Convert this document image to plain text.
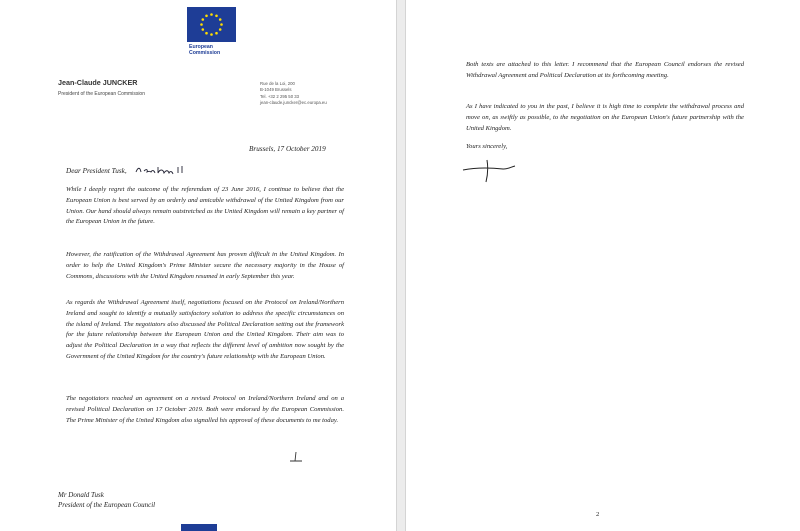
European
Commission
Jean-Claude JUNCKER
President of the European Commission
Rue de la Loi, 200
B-1049 Brussels
Tel. +32 2 295 50 33
jean-claude.juncker@ec.europa.eu
Brussels, 17 October 2019
Dear President Tusk,
While I deeply regret the outcome of the referendum of 23 June 2016, I continue to believe that the European Union is best served by an orderly and amicable withdrawal of the United Kingdom from our Union. Our hand should always remain outstretched as the United Kingdom will remain a key partner of the European Union in the future.
However, the ratification of the Withdrawal Agreement has proven difficult in the United Kingdom. In order to help the United Kingdom's Prime Minister secure the necessary majority in the House of Commons, discussions with the United Kingdom resumed in early September this year.
As regards the Withdrawal Agreement itself, negotiations focused on the Protocol on Ireland/Northern Ireland and sought to identify a mutually satisfactory solution to address the specific circumstances on the island of Ireland. The negotiators also discussed the Political Declaration setting out the framework for the future relationship between the European Union and the United Kingdom. Their aim was to adjust the Political Declaration in a way that reflects the different level of ambition now sought by the Government of the United Kingdom for the country's future relationship with the European Union.
The negotiators reached an agreement on a revised Protocol on Ireland/Northern Ireland and on a revised Political Declaration on 17 October 2019. Both were endorsed by the European Commission. The Prime Minister of the United Kingdom also signalled his approval of these documents to me today.
Mr Donald Tusk
President of the European Council
Both texts are attached to this letter. I recommend that the European Council endorses the revised Withdrawal Agreement and Political Declaration at its forthcoming meeting.
As I have indicated to you in the past, I believe it is high time to complete the withdrawal process and move on, as swiftly as possible, to the negotiation on the European Union's future partnership with the United Kingdom.
Yours sincerely,
2
